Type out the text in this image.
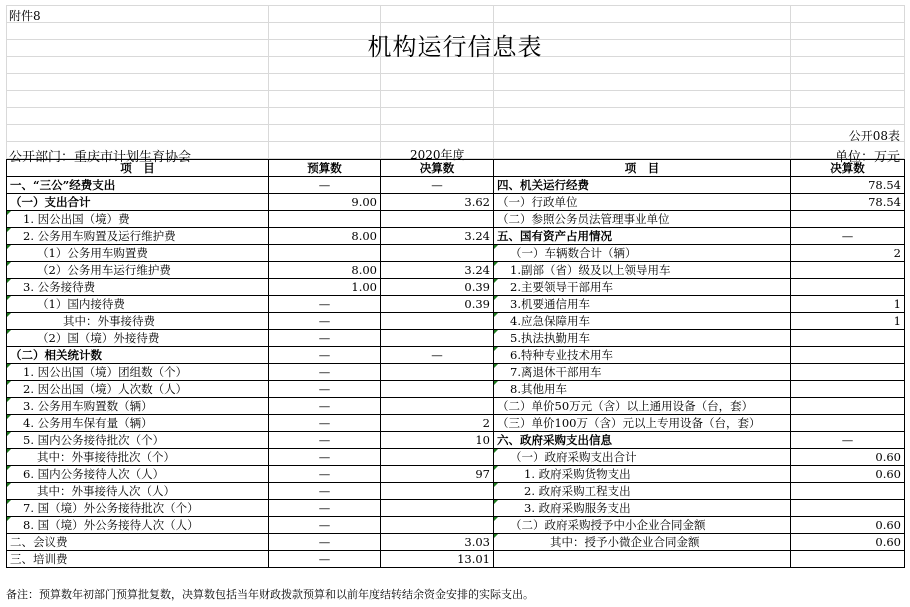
附件8
机构运行信息表
公开08表
公开部门：重庆市计划生育协会	2020年度	单位：万元
项　目	预算数	决算数	项　目	决算数
一、“三公”经费支出	—	—	四、机关运行经费	78.54
（一）支出合计	9.00	3.62	（一）行政单位	78.54
1. 因公出国（境）费			（二）参照公务员法管理事业单位	
2. 公务用车购置及运行维护费	8.00	3.24	五、国有资产占用情况	—
（1）公务用车购置费			（一）车辆数合计（辆）	2
（2）公务用车运行维护费	8.00	3.24	1.副部（省）级及以上领导用车	
3. 公务接待费	1.00	0.39	2.主要领导干部用车	
（1）国内接待费	—	0.39	3.机要通信用车	1
其中：外事接待费	—		4.应急保障用车	1
（2）国（境）外接待费	—		5.执法执勤用车	
（二）相关统计数	—	—	6.特种专业技术用车	
1. 因公出国（境）团组数（个）	—		7.离退休干部用车	
2. 因公出国（境）人次数（人）	—		8.其他用车	
3. 公务用车购置数（辆）	—		（二）单价50万元（含）以上通用设备（台，套）	
4. 公务用车保有量（辆）	—	2	（三）单价100万（含）元以上专用设备（台，套）	
5. 国内公务接待批次（个）	—	10	六、政府采购支出信息	—
其中：外事接待批次（个）	—		（一）政府采购支出合计	0.60
6. 国内公务接待人次（人）	—	97	1. 政府采购货物支出	0.60
其中：外事接待人次（人）	—		2. 政府采购工程支出	
7. 国（境）外公务接待批次（个）	—		3. 政府采购服务支出	
8. 国（境）外公务接待人次（人）	—		（二）政府采购授予中小企业合同金额	0.60
二、会议费	—	3.03	其中：授予小微企业合同金额	0.60
三、培训费	—	13.01		
备注：预算数年初部门预算批复数，决算数包括当年财政拨款预算和以前年度结转结余资金安排的实际支出。
